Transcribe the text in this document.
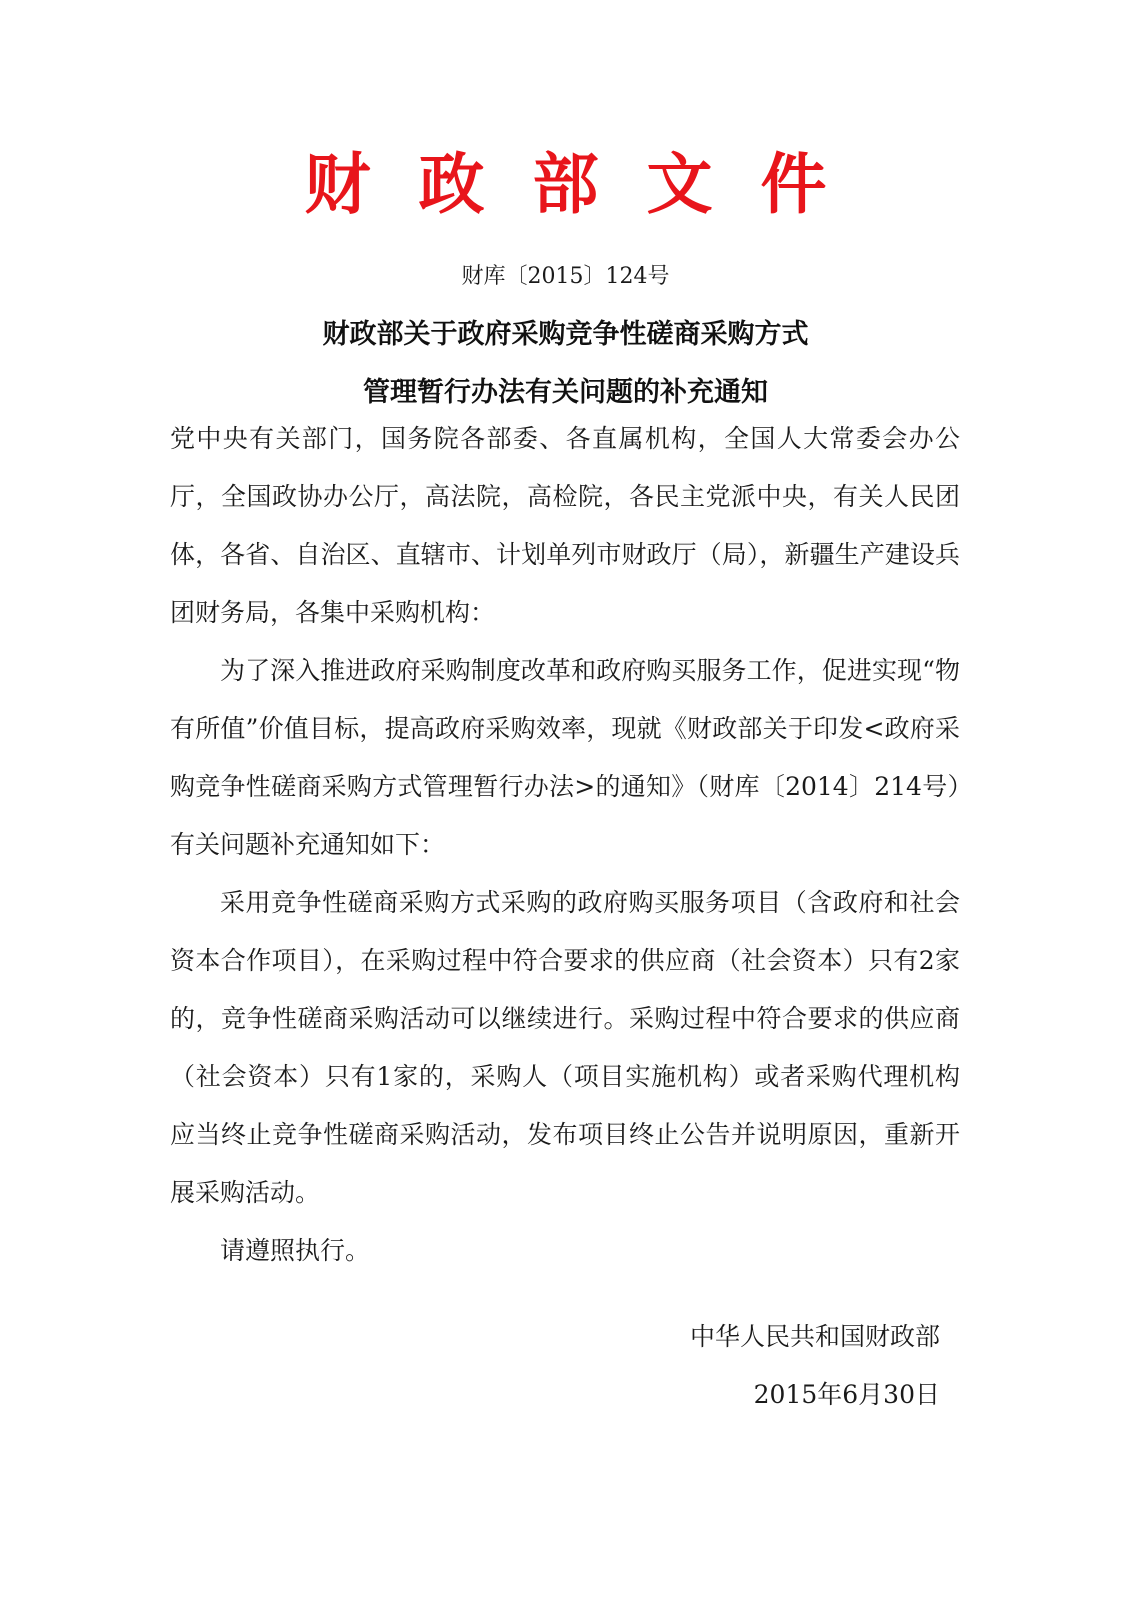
财政部文件
财库〔2015〕124号
财政部关于政府采购竞争性磋商采购方式
管理暂行办法有关问题的补充通知

党中央有关部门，国务院各部委、各直属机构，全国人大常委会办公厅，全国政协办公厅，高法院，高检院，各民主党派中央，有关人民团体，各省、自治区、直辖市、计划单列市财政厅（局），新疆生产建设兵团财务局，各集中采购机构：

为了深入推进政府采购制度改革和政府购买服务工作，促进实现“物有所值”价值目标，提高政府采购效率，现就《财政部关于印发<政府采购竞争性磋商采购方式管理暂行办法>的通知》（财库〔2014〕214号）有关问题补充通知如下：

采用竞争性磋商采购方式采购的政府购买服务项目（含政府和社会资本合作项目），在采购过程中符合要求的供应商（社会资本）只有2家的，竞争性磋商采购活动可以继续进行。采购过程中符合要求的供应商（社会资本）只有1家的，采购人（项目实施机构）或者采购代理机构应当终止竞争性磋商采购活动，发布项目终止公告并说明原因，重新开展采购活动。

请遵照执行。

中华人民共和国财政部
2015年6月30日
